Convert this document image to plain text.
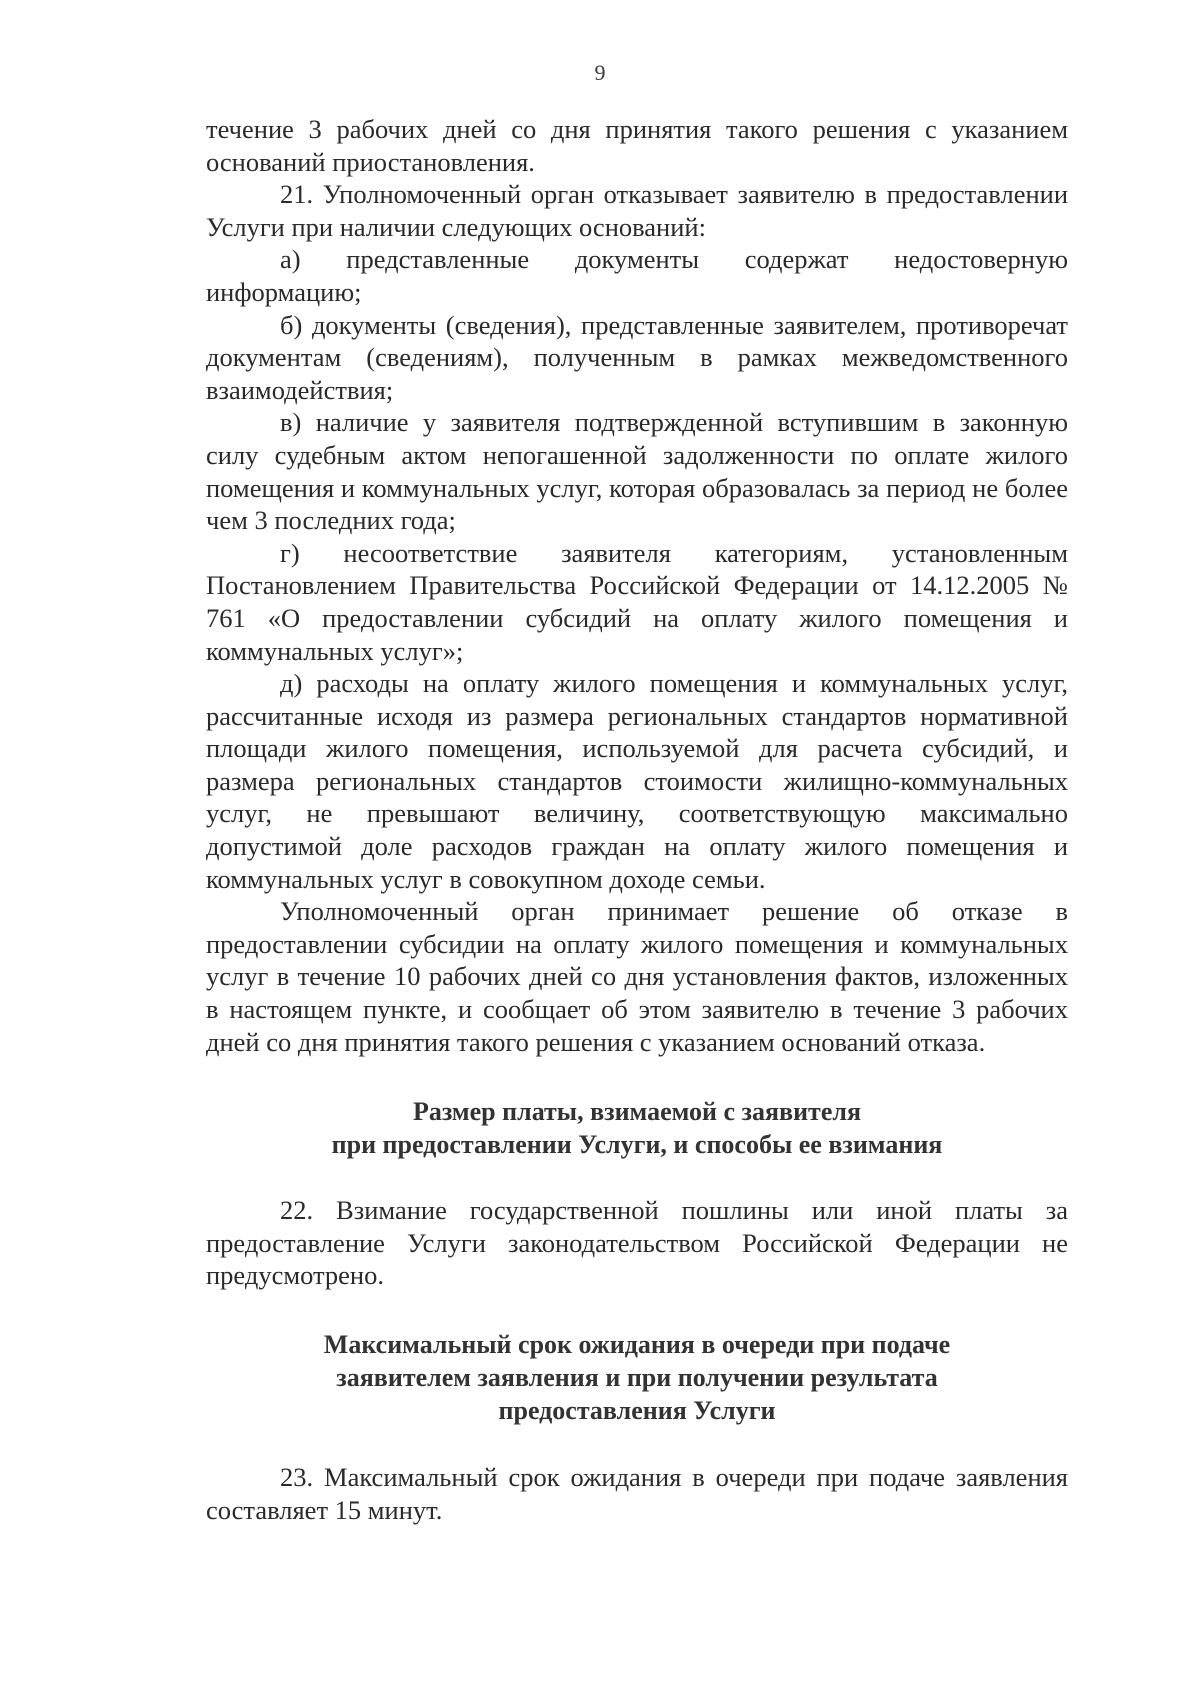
9

течение 3 рабочих дней со дня принятия такого решения с указанием оснований приостановления.

21. Уполномоченный орган отказывает заявителю в предоставлении Услуги при наличии следующих оснований:

а) представленные документы содержат недостоверную информацию;

б) документы (сведения), представленные заявителем, противоречат документам (сведениям), полученным в рамках межведомственного взаимодействия;

в) наличие у заявителя подтвержденной вступившим в законную силу судебным актом непогашенной задолженности по оплате жилого помещения и коммунальных услуг, которая образовалась за период не более чем 3 последних года;

г) несоответствие заявителя категориям, установленным Постановлением Правительства Российской Федерации от 14.12.2005 № 761 «О предоставлении субсидий на оплату жилого помещения и коммунальных услуг»;

д) расходы на оплату жилого помещения и коммунальных услуг, рассчитанные исходя из размера региональных стандартов нормативной площади жилого помещения, используемой для расчета субсидий, и размера региональных стандартов стоимости жилищно-коммунальных услуг, не превышают величину, соответствующую максимально допустимой доле расходов граждан на оплату жилого помещения и коммунальных услуг в совокупном доходе семьи.

Уполномоченный орган принимает решение об отказе в предоставлении субсидии на оплату жилого помещения и коммунальных услуг в течение 10 рабочих дней со дня установления фактов, изложенных в настоящем пункте, и сообщает об этом заявителю в течение 3 рабочих дней со дня принятия такого решения с указанием оснований отказа.

Размер платы, взимаемой с заявителя
при предоставлении Услуги, и способы ее взимания

22. Взимание государственной пошлины или иной платы за предоставление Услуги законодательством Российской Федерации не предусмотрено.

Максимальный срок ожидания в очереди при подаче
заявителем заявления и при получении результата
предоставления Услуги

23. Максимальный срок ожидания в очереди при подаче заявления составляет 15 минут.
